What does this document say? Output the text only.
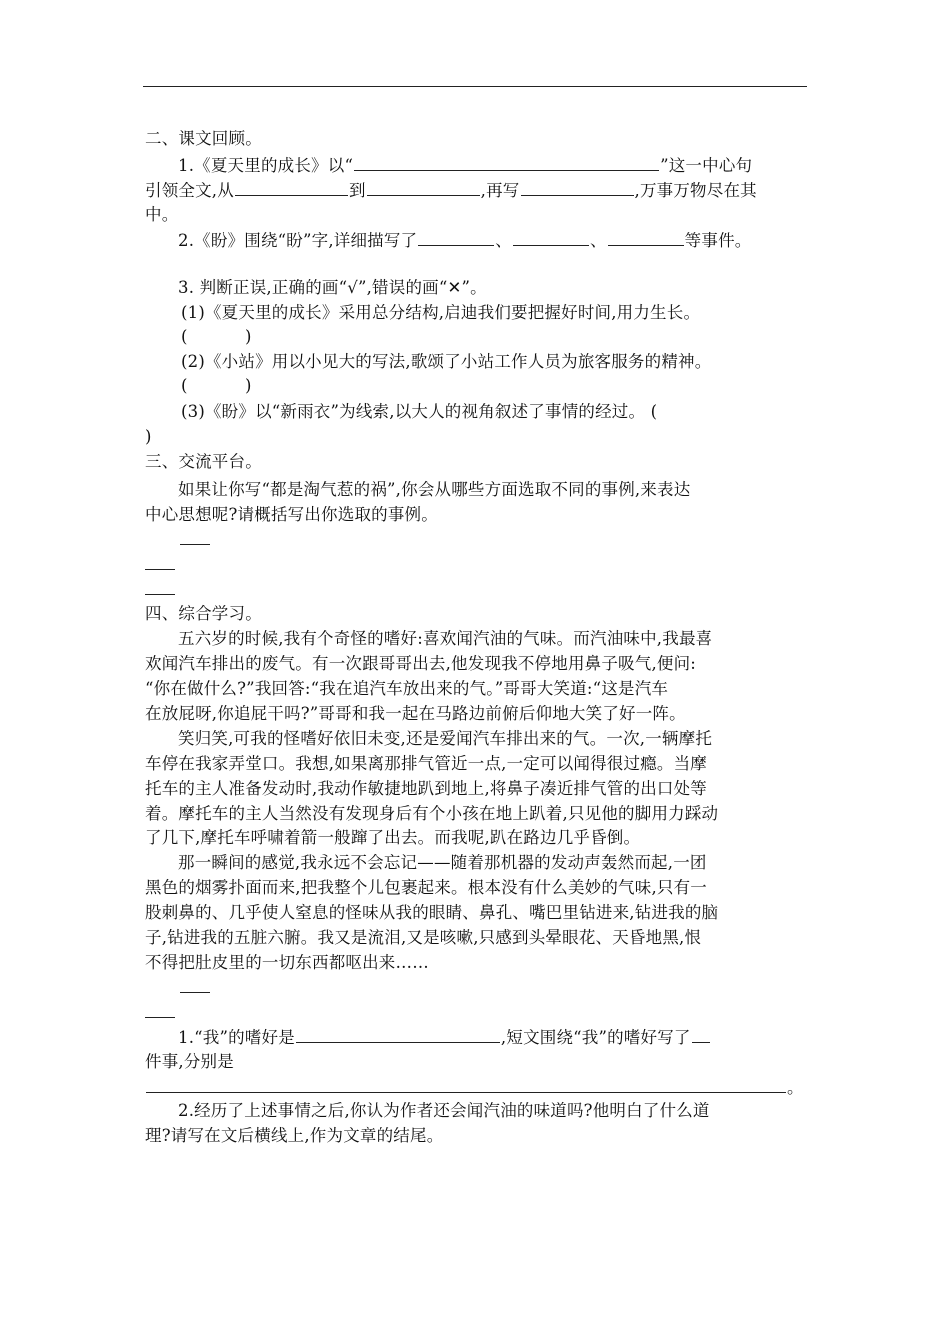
二、课文回顾。
1.《夏天里的成长》以“	”这一中心句
引领全文,从	到	,再写	,万事万物尽在其
中。
2.《盼》围绕“盼”字,详细描写了	、	、	等事件。
3. 判断正误,正确的画“√”,错误的画“✕”。
(1)《夏天里的成长》采用总分结构,启迪我们要把握好时间,用力生长。
(	)
(2)《小站》用以小见大的写法,歌颂了小站工作人员为旅客服务的精神。
(	)
(3)《盼》以“新雨衣”为线索,以大人的视角叙述了事情的经过。 (
)
三、交流平台。
如果让你写“都是淘气惹的祸”,你会从哪些方面选取不同的事例,来表达
中心思想呢?请概括写出你选取的事例。
四、综合学习。
五六岁的时候,我有个奇怪的嗜好:喜欢闻汽油的气味。而汽油味中,我最喜
欢闻汽车排出的废气。有一次跟哥哥出去,他发现我不停地用鼻子吸气,便问:
“你在做什么?”我回答:“我在追汽车放出来的气。”哥哥大笑道:“这是汽车
在放屁呀,你追屁干吗?”哥哥和我一起在马路边前俯后仰地大笑了好一阵。
笑归笑,可我的怪嗜好依旧未变,还是爱闻汽车排出来的气。一次,一辆摩托
车停在我家弄堂口。我想,如果离那排气管近一点,一定可以闻得很过瘾。当摩
托车的主人准备发动时,我动作敏捷地趴到地上,将鼻子凑近排气管的出口处等
着。摩托车的主人当然没有发现身后有个小孩在地上趴着,只见他的脚用力踩动
了几下,摩托车呼啸着箭一般蹿了出去。而我呢,趴在路边几乎昏倒。
那一瞬间的感觉,我永远不会忘记——随着那机器的发动声轰然而起,一团
黑色的烟雾扑面而来,把我整个儿包裹起来。根本没有什么美妙的气味,只有一
股刺鼻的、几乎使人窒息的怪味从我的眼睛、鼻孔、嘴巴里钻进来,钻进我的脑
子,钻进我的五脏六腑。我又是流泪,又是咳嗽,只感到头晕眼花、天昏地黑,恨
不得把肚皮里的一切东西都呕出来……
1.“我”的嗜好是	,短文围绕“我”的嗜好写了
件事,分别是
。
2.经历了上述事情之后,你认为作者还会闻汽油的味道吗?他明白了什么道
理?请写在文后横线上,作为文章的结尾。
